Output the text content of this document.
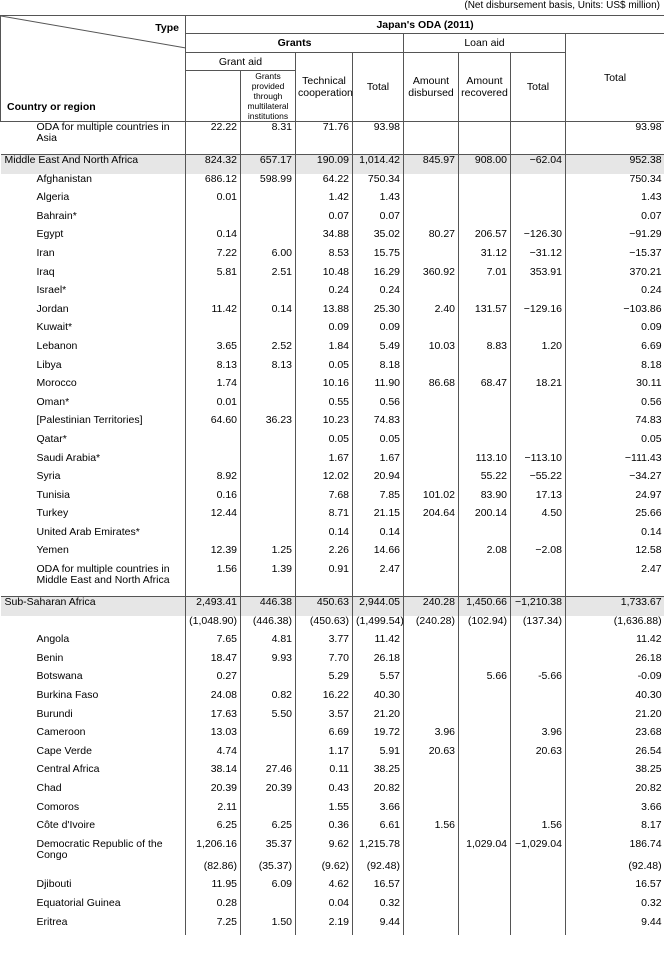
(Net disbursement basis, Units: US$ million)
Type
Country or region	Japan's ODA (2011)							
	Grants				Loan aid			Total
	Grant aid		Technical cooperation	Total	Amount disbursed	Amount recovered	Total	
		Grants provided through multilateral institutions						
ODA for multiple countries in Asia	22.22	8.31	71.76	93.98				93.98

Middle East And North Africa	824.32	657.17	190.09	1,014.42	845.97	908.00	−62.04	952.38
Afghanistan	686.12	598.99	64.22	750.34				750.34
Algeria	0.01		1.42	1.43				1.43
Bahrain*			0.07	0.07				0.07
Egypt	0.14		34.88	35.02	80.27	206.57	−126.30	−91.29
Iran	7.22	6.00	8.53	15.75		31.12	−31.12	−15.37
Iraq	5.81	2.51	10.48	16.29	360.92	7.01	353.91	370.21
Israel*			0.24	0.24				0.24
Jordan	11.42	0.14	13.88	25.30	2.40	131.57	−129.16	−103.86
Kuwait*			0.09	0.09				0.09
Lebanon	3.65	2.52	1.84	5.49	10.03	8.83	1.20	6.69
Libya	8.13	8.13	0.05	8.18				8.18
Morocco	1.74		10.16	11.90	86.68	68.47	18.21	30.11
Oman*	0.01		0.55	0.56				0.56
[Palestinian Territories]	64.60	36.23	10.23	74.83				74.83
Qatar*			0.05	0.05				0.05
Saudi Arabia*			1.67	1.67		113.10	−113.10	−111.43
Syria	8.92		12.02	20.94		55.22	−55.22	−34.27
Tunisia	0.16		7.68	7.85	101.02	83.90	17.13	24.97
Turkey	12.44		8.71	21.15	204.64	200.14	4.50	25.66
United Arab Emirates*			0.14	0.14				0.14
Yemen	12.39	1.25	2.26	14.66		2.08	−2.08	12.58
ODA for multiple countries in Middle East and North Africa	1.56	1.39	0.91	2.47				2.47

Sub-Saharan Africa	2,493.41	446.38	450.63	2,944.05	240.28	1,450.66	−1,210.38	1,733.67
	(1,048.90)	(446.38)	(450.63)	(1,499.54)	(240.28)	(102.94)	(137.34)	(1,636.88)
Angola	7.65	4.81	3.77	11.42				11.42
Benin	18.47	9.93	7.70	26.18				26.18
Botswana	0.27		5.29	5.57		5.66	-5.66	-0.09
Burkina Faso	24.08	0.82	16.22	40.30				40.30
Burundi	17.63	5.50	3.57	21.20				21.20
Cameroon	13.03		6.69	19.72	3.96		3.96	23.68
Cape Verde	4.74		1.17	5.91	20.63		20.63	26.54
Central Africa	38.14	27.46	0.11	38.25				38.25
Chad	20.39	20.39	0.43	20.82				20.82
Comoros	2.11		1.55	3.66				3.66
Côte d'Ivoire	6.25	6.25	0.36	6.61	1.56		1.56	8.17
Democratic Republic of the Congo	1,206.16	35.37	9.62	1,215.78		1,029.04	−1,029.04	186.74
	(82.86)	(35.37)	(9.62)	(92.48)				(92.48)
Djibouti	11.95	6.09	4.62	16.57				16.57
Equatorial Guinea	0.28		0.04	0.32				0.32
Eritrea	7.25	1.50	2.19	9.44				9.44
